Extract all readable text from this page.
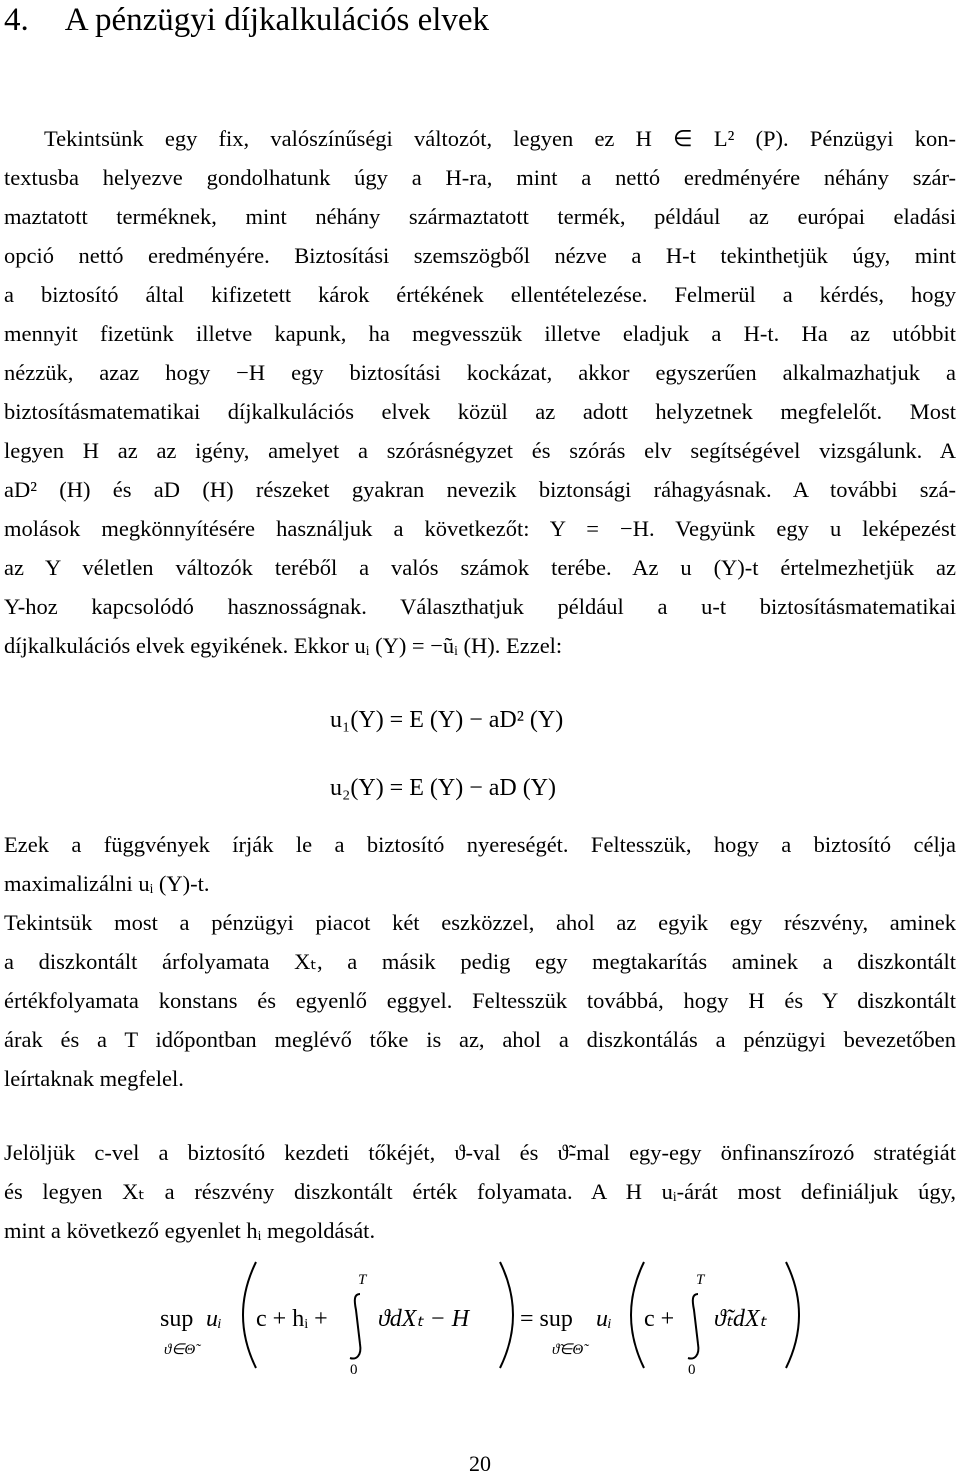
4. A pénzügyi díjkalkulációs elvek
Tekintsünk egy fix, valószínűségi változót, legyen ez H ∈ L² (P). Pénzügyi kon-
textusba helyezve gondolhatunk úgy a H-ra, mint a nettó eredményére néhány szár-
maztatott terméknek, mint néhány származtatott termék, például az európai eladási
opció nettó eredményére. Biztosítási szemszögből nézve a H-t tekinthetjük úgy, mint
a biztosító által kifizetett károk értékének ellentételezése. Felmerül a kérdés, hogy
mennyit fizetünk illetve kapunk, ha megvesszük illetve eladjuk a H-t. Ha az utóbbit
nézzük, azaz hogy −H egy biztosítási kockázat, akkor egyszerűen alkalmazhatjuk a
biztosításmatematikai díjkalkulációs elvek közül az adott helyzetnek megfelelőt. Most
legyen H az az igény, amelyet a szórásnégyzet és szórás elv segítségével vizsgálunk. A
aD² (H) és aD (H) részeket gyakran nevezik biztonsági ráhagyásnak. A további szá-
molások megkönnyítésére használjuk a következőt: Y = −H. Vegyünk egy u leképezést
az Y véletlen változók teréből a valós számok terébe. Az u (Y)-t értelmezhetjük az
Y-hoz kapcsolódó hasznosságnak. Választhatjuk például a u-t biztosításmatematikai
díjkalkulációs elvek egyikének. Ekkor uᵢ (Y) = −ũᵢ (H). Ezzel:
u₁(Y) = E (Y) − aD² (Y)
u₂(Y) = E (Y) − aD (Y)
Ezek a függvények írják le a biztosító nyereségét. Feltesszük, hogy a biztosító célja
maximalizálni uᵢ (Y)-t.
Tekintsük most a pénzügyi piacot két eszközzel, ahol az egyik egy részvény, aminek
a diszkontált árfolyamata Xₜ, a másik pedig egy megtakarítás aminek a diszkontált
értékfolyamata konstans és egyenlő eggyel. Feltesszük továbbá, hogy H és Y diszkontált
árak és a T időpontban meglévő tőke is az, ahol a diszkontálás a pénzügyi bevezetőben
leírtaknak megfelel.
Jelöljük c-vel a biztosító kezdeti tőkéjét, ϑ-val és ϑ̃-mal egy-egy önfinanszírozó stratégiát
és legyen Xₜ a részvény diszkontált érték folyamata. A H uᵢ-árát most definiáljuk úgy,
mint a következő egyenlet hᵢ megoldását.
sup
ϑ∈Θ̃
uᵢ c + hᵢ +
T
0
ϑdXₜ − H = sup
ϑ̃∈Θ̃
uᵢ c +
T
0
ϑ̃ₜdXₜ
20
